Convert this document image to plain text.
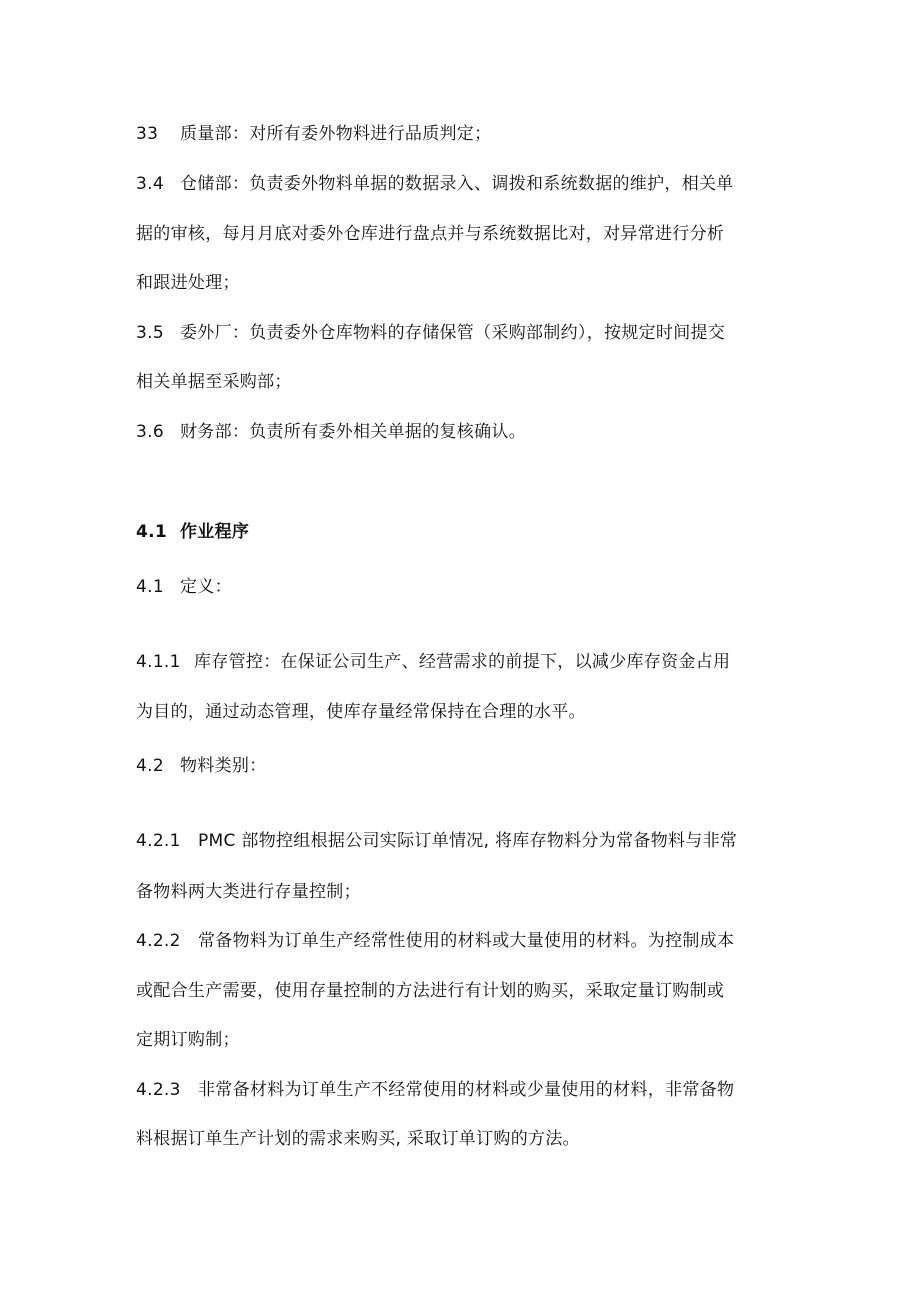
33 质量部：对所有委外物料进行品质判定；
3.4 仓储部：负责委外物料单据的数据录入、调拨和系统数据的维护，相关单
据的审核，每月月底对委外仓库进行盘点并与系统数据比对，对异常进行分析
和跟进处理；
3.5 委外厂：负责委外仓库物料的存储保管（采购部制约），按规定时间提交
相关单据至采购部；
3.6 财务部：负责所有委外相关单据的复核确认。
4.1 作业程序
4.1 定义：
4.1.1 库存管控：在保证公司生产、经营需求的前提下，以减少库存资金占用
为目的，通过动态管理，使库存量经常保持在合理的水平。
4.2 物料类别：
4.2.1 PMC 部物控组根据公司实际订单情况, 将库存物料分为常备物料与非常
备物料两大类进行存量控制；
4.2.2 常备物料为订单生产经常性使用的材料或大量使用的材料。为控制成本
或配合生产需要，使用存量控制的方法进行有计划的购买，采取定量订购制或
定期订购制；
4.2.3 非常备材料为订单生产不经常使用的材料或少量使用的材料，非常备物
料根据订单生产计划的需求来购买, 采取订单订购的方法。
